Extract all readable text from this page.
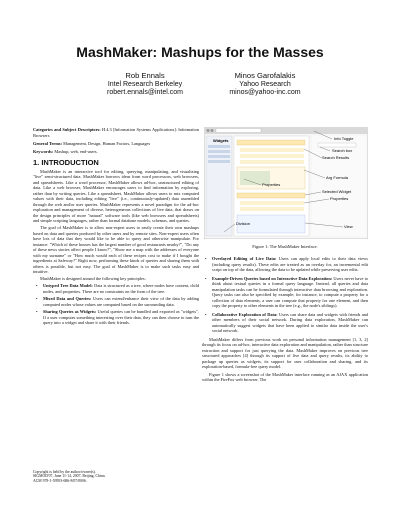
MashMaker: Mashups for the Masses
Rob Ennals
Intel Research Berkeley
robert.ennals@intel.com
Minos Garofalakis
Yahoo Research
minos@yahoo-inc.com

Categories and Subject Descriptors: H.4.3 [Information Systems Applications]: Information Browsers

General Terms: Management, Design, Human Factors, Languages

Keywords: Mashup, web, end-users.

1. INTRODUCTION

MashMaker is an interactive tool for editing, querying, manipulating, and visualizing "live" semi-structured data. MashMaker borrows ideas from word processors, web browsers, and spreadsheets. Like a word processor, MashMaker allows ad-hoc, unstructured editing of data. Like a web browser, MashMaker encourages users to find information by exploring, rather than by writing queries. Like a spreadsheet, MashMaker allows users to mix computed values with their data, including editing "live" (i.e., continuously-updated) data assembled through the web and/or user queries. MashMaker represents a novel paradigm for the ad-hoc exploration and management of diverse, heterogeneous collections of live data, that draws on the design principles of more "natural" software tools (like web browsers and spreadsheets) and simple scripting languages, rather than formal database models, schemas, and queries.

The goal of MashMaker is to allow non-expert users to easily create their own mashups based on data and queries produced by other users and by remote sites. Non-expert users often have lots of data that they would like to be able to query and otherwise manipulate. For instance: "Which of these houses has the largest number of good restaurants nearby?", "Do any of these news stories affect people I know?", "Show me a map with the addresses of everyone with my surname" or "How much would each of these recipes cost to make if I bought the ingredients at Safeway?" Right now, performing these kinds of queries and sharing them with others is possible, but not easy. The goal of MashMaker is to make such tasks easy and intuitive.

MashMaker is designed around the following key principles:

•	Untyped Tree Data Model: Data is structured as a tree, where nodes have content, child nodes, and properties. There are no constraints on the form of the tree.
•	Mixed Data and Queries: Users can extend/enhance their view of the data by adding computed nodes whose values are computed based on the surrounding data.
•	Sharing Queries as Widgets: Useful queries can be bundled and exported as "widgets". If a user computes something interesting over their data, they can then choose to turn the query into a widget and share it with their friends.
Copyright is held by the author/owner(s).
SIGMOD'07, June 11-14, 2007, Beijing, China.
ACM 978-1-59593-686-8/07/0006.
Widgets	Info Toggle
Search box
Search Results
Arg Formula
Selected Widget
Properties
View
Properties
Division
Figure 1: The MashMaker Interface.
•	Overlayed Editing of Live Data: Users can apply local edits to their data views (including query results). These edits are treated as an overlay for, an incremental edit script on top of the data, allowing the data to be updated while preserving user edits.
•	Example-Driven Queries based on Interactive Data Exploration: Users never have to think about textual queries in a formal query language. Instead, all queries and data manipulation tasks can be formulated through interactive data browsing and exploration. Query tasks can also be specified by example; for instance, to compute a property for a collection of data elements, a user can compute that property for one element, and then copy the property to other elements in the tree (e.g., the node's siblings).
•	Collaborative Exploration of Data: Users can share data and widgets with friends and other members of their social network. During data exploration, MashMaker can automatically suggest widgets that have been applied to similar data inside the user's social network.

MashMaker differs from previous work on personal information management [1, 3, 2] through its focus on ad-hoc, interactive data exploration and manipulation, rather than structure extraction and support for just querying the data. MashMaker improves on previous tree structured approaches [4] through its support of live data and query results, its ability to package up queries as widgets, its support for user collaboration and sharing, and its exploration-based, formula-free query model.

Figure 1 shows a screenshot of the MashMaker interface running as an AJAX application within the FireFox web browser. The
